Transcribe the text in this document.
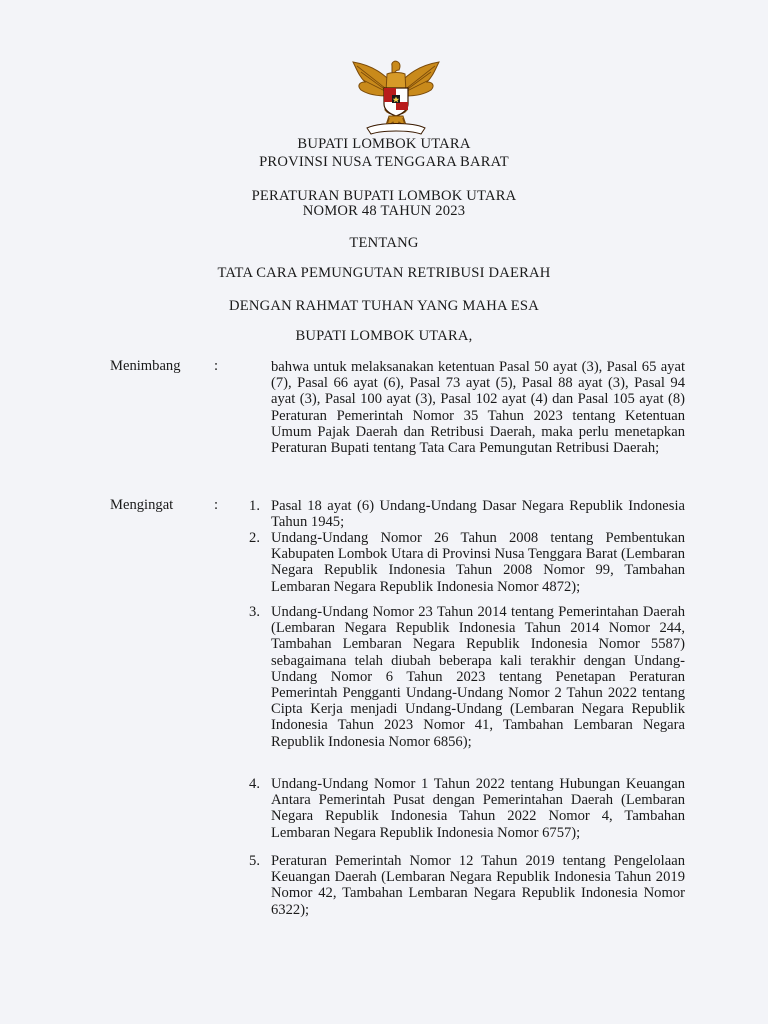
BUPATI LOMBOK UTARA
PROVINSI NUSA TENGGARA BARAT
PERATURAN BUPATI LOMBOK UTARA
NOMOR 48 TAHUN 2023
TENTANG
TATA CARA PEMUNGUTAN RETRIBUSI DAERAH
DENGAN RAHMAT TUHAN YANG MAHA ESA
BUPATI LOMBOK UTARA,
Menimbang :	bahwa untuk melaksanakan ketentuan Pasal 50 ayat (3), Pasal 65 ayat (7), Pasal 66 ayat (6), Pasal 73 ayat (5), Pasal 88 ayat (3), Pasal 94 ayat (3), Pasal 100 ayat (3), Pasal 102 ayat (4) dan Pasal 105 ayat (8) Peraturan Pemerintah Nomor 35 Tahun 2023 tentang Ketentuan Umum Pajak Daerah dan Retribusi Daerah, maka perlu menetapkan Peraturan Bupati tentang Tata Cara Pemungutan Retribusi Daerah;
Mengingat	:	1. Pasal 18 ayat (6) Undang-Undang Dasar Negara Republik Indonesia Tahun 1945;
2. Undang-Undang Nomor 26 Tahun 2008 tentang Pembentukan Kabupaten Lombok Utara di Provinsi Nusa Tenggara Barat (Lembaran Negara Republik Indonesia Tahun 2008 Nomor 99, Tambahan Lembaran Negara Republik Indonesia Nomor 4872);
3. Undang-Undang Nomor 23 Tahun 2014 tentang Pemerintahan Daerah (Lembaran Negara Republik Indonesia Tahun 2014 Nomor 244, Tambahan Lembaran Negara Republik Indonesia Nomor 5587) sebagaimana telah diubah beberapa kali terakhir dengan Undang-Undang Nomor 6 Tahun 2023 tentang Penetapan Peraturan Pemerintah Pengganti Undang-Undang Nomor 2 Tahun 2022 tentang Cipta Kerja menjadi Undang-Undang (Lembaran Negara Republik Indonesia Tahun 2023 Nomor 41, Tambahan Lembaran Negara Republik Indonesia Nomor 6856);
4. Undang-Undang Nomor 1 Tahun 2022 tentang Hubungan Keuangan Antara Pemerintah Pusat dengan Pemerintahan Daerah (Lembaran Negara Republik Indonesia Tahun 2022 Nomor 4, Tambahan Lembaran Negara Republik Indonesia Nomor 6757);
5. Peraturan Pemerintah Nomor 12 Tahun 2019 tentang Pengelolaan Keuangan Daerah (Lembaran Negara Republik Indonesia Tahun 2019 Nomor 42, Tambahan Lembaran Negara Republik Indonesia Nomor 6322);
